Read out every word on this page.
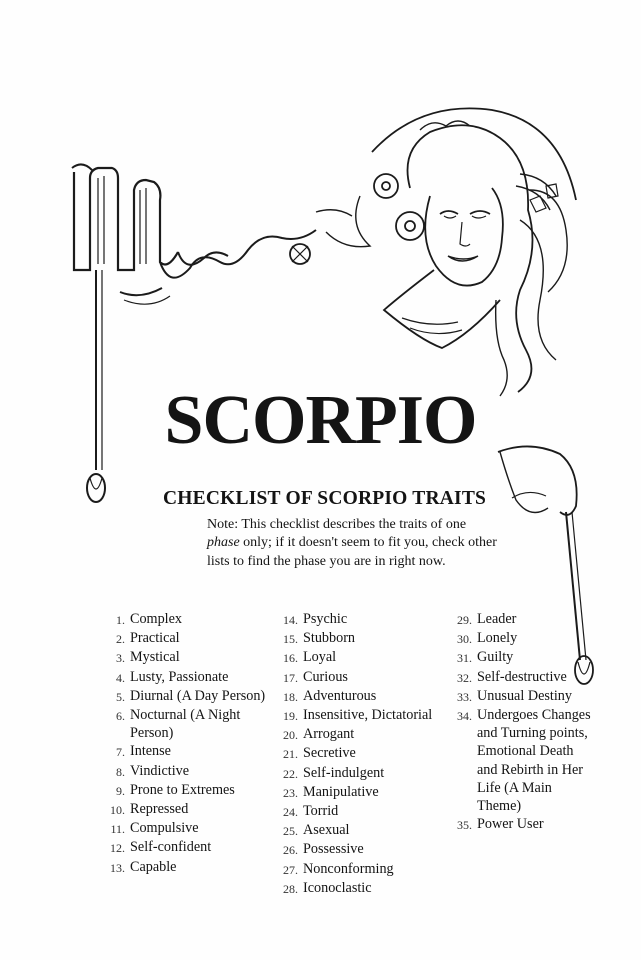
SCORPIO
CHECKLIST OF SCORPIO TRAITS
Note: This checklist describes the traits of one phase only; if it doesn't seem to fit you, check other lists to find the phase you are in right now.
1. Complex
2. Practical
3. Mystical
4. Lusty, Passionate
5. Diurnal (A Day Person)
6. Nocturnal (A Night Person)
7. Intense
8. Vindictive
9. Prone to Extremes
10. Repressed
11. Compulsive
12. Self-confident
13. Capable
14. Psychic
15. Stubborn
16. Loyal
17. Curious
18. Adventurous
19. Insensitive, Dictatorial
20. Arrogant
21. Secretive
22. Self-indulgent
23. Manipulative
24. Torrid
25. Asexual
26. Possessive
27. Nonconforming
28. Iconoclastic
29. Leader
30. Lonely
31. Guilty
32. Self-destructive
33. Unusual Destiny
34. Undergoes Changes and Turning points, Emotional Death and Rebirth in Her Life (A Main Theme)
35. Power User
